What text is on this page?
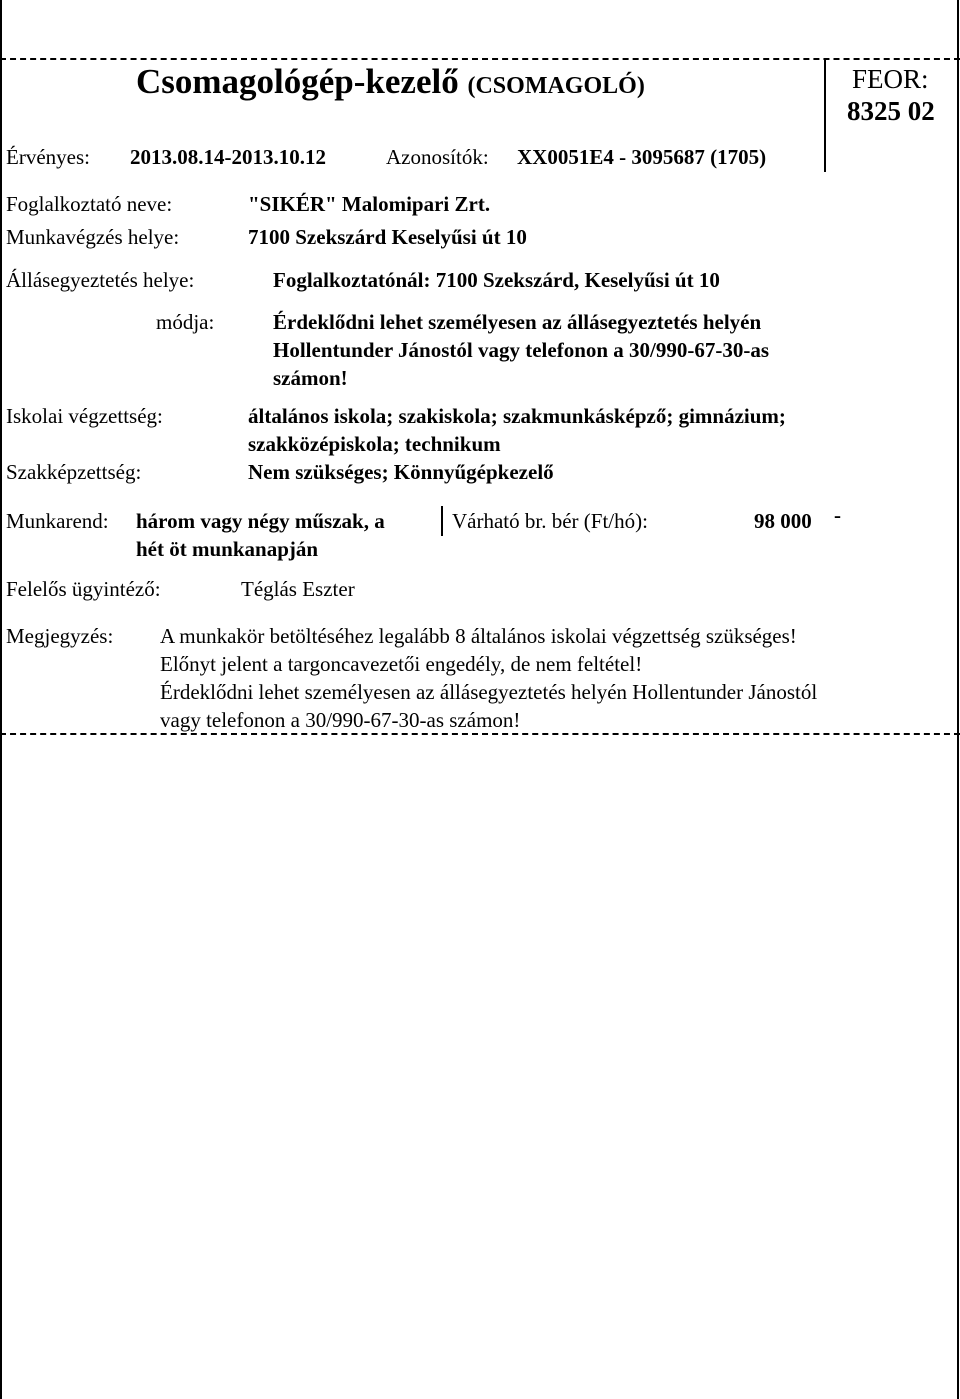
Csomagológép-kezelő (CSOMAGOLÓ)	FEOR:
8325 02
Érvényes: 2013.08.14-2013.10.12	Azonosítók: XX0051E4 - 3095687 (1705)
Foglalkoztató neve:	"SIKÉR" Malomipari Zrt.
Munkavégzés helye:	7100 Szekszárd Keselyűsi út 10
Állásegyeztetés helye:	Foglalkoztatónál: 7100 Szekszárd, Keselyűsi út 10
módja:	Érdeklődni lehet személyesen az állásegyeztetés helyén
Hollentunder Jánostól vagy telefonon a 30/990-67-30-as
számon!
Iskolai végzettség:	általános iskola; szakiskola; szakmunkásképző; gimnázium;
szakközépiskola; technikum
Szakképzettség:	Nem szükséges; Könnyűgépkezelő
Munkarend: három vagy négy műszak, a
hét öt munkanapján
Várható br. bér (Ft/hó):	98 000 -
Felelős ügyintéző:	Téglás Eszter
Megjegyzés: A munkakör betöltéséhez legalább 8 általános iskolai végzettség szükséges!
Előnyt jelent a targoncavezetői engedély, de nem feltétel!
Érdeklődni lehet személyesen az állásegyeztetés helyén Hollentunder Jánostól
vagy telefonon a 30/990-67-30-as számon!
